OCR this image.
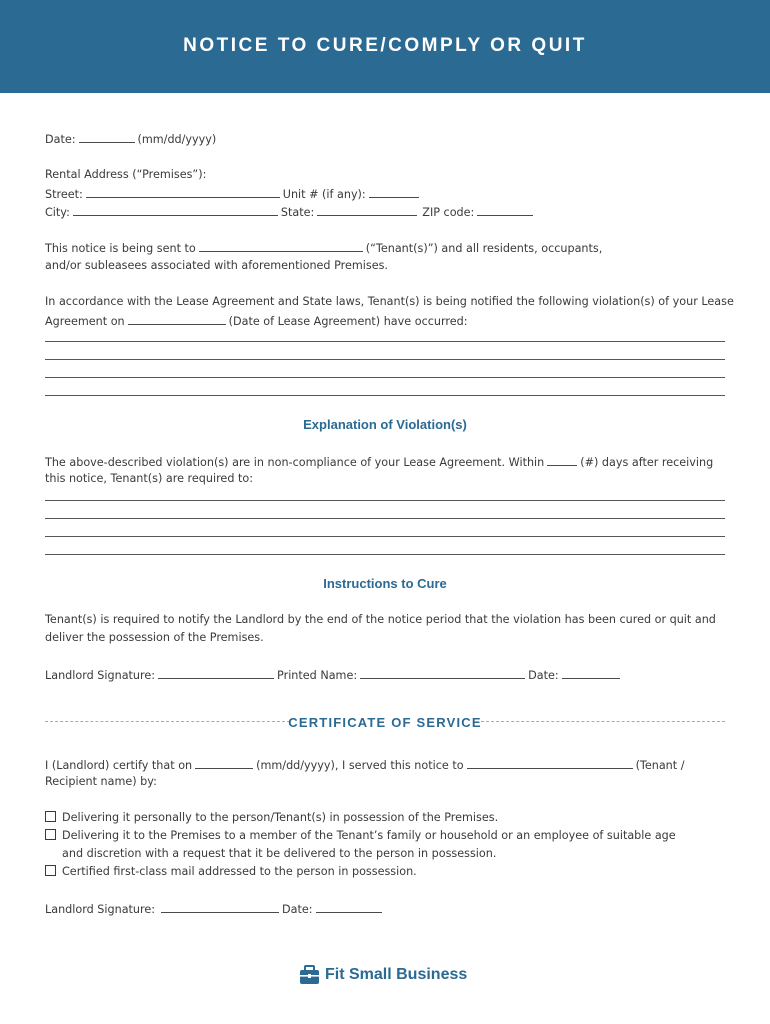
NOTICE TO CURE/COMPLY OR QUIT
Date:	(mm/dd/yyyy)
Rental Address (“Premises”):
Street:	Unit # (if any):
City:	State:	ZIP code:
This notice is being sent to	(“Tenant(s)”) and all residents, occupants,
and/or subleasees associated with aforementioned Premises.
In accordance with the Lease Agreement and State laws, Tenant(s) is being notified the following violation(s) of your Lease
Agreement on	(Date of Lease Agreement) have occurred:
Explanation of Violation(s)
The above-described violation(s) are in non-compliance of your Lease Agreement. Within	(#) days after receiving
this notice, Tenant(s) are required to:
Instructions to Cure
Tenant(s) is required to notify the Landlord by the end of the notice period that the violation has been cured or quit and
deliver the possession of the Premises.
Landlord Signature:	Printed Name:	Date:
CERTIFICATE OF SERVICE
I (Landlord) certify that on	(mm/dd/yyyy), I served this notice to	(Tenant /
Recipient name) by:
Delivering it personally to the person/Tenant(s) in possession of the Premises.
Delivering it to the Premises to a member of the Tenant’s family or household or an employee of suitable age
and discretion with a request that it be delivered to the person in possession.
Certified first-class mail addressed to the person in possession.
Landlord Signature:	Date:
Fit Small Business
